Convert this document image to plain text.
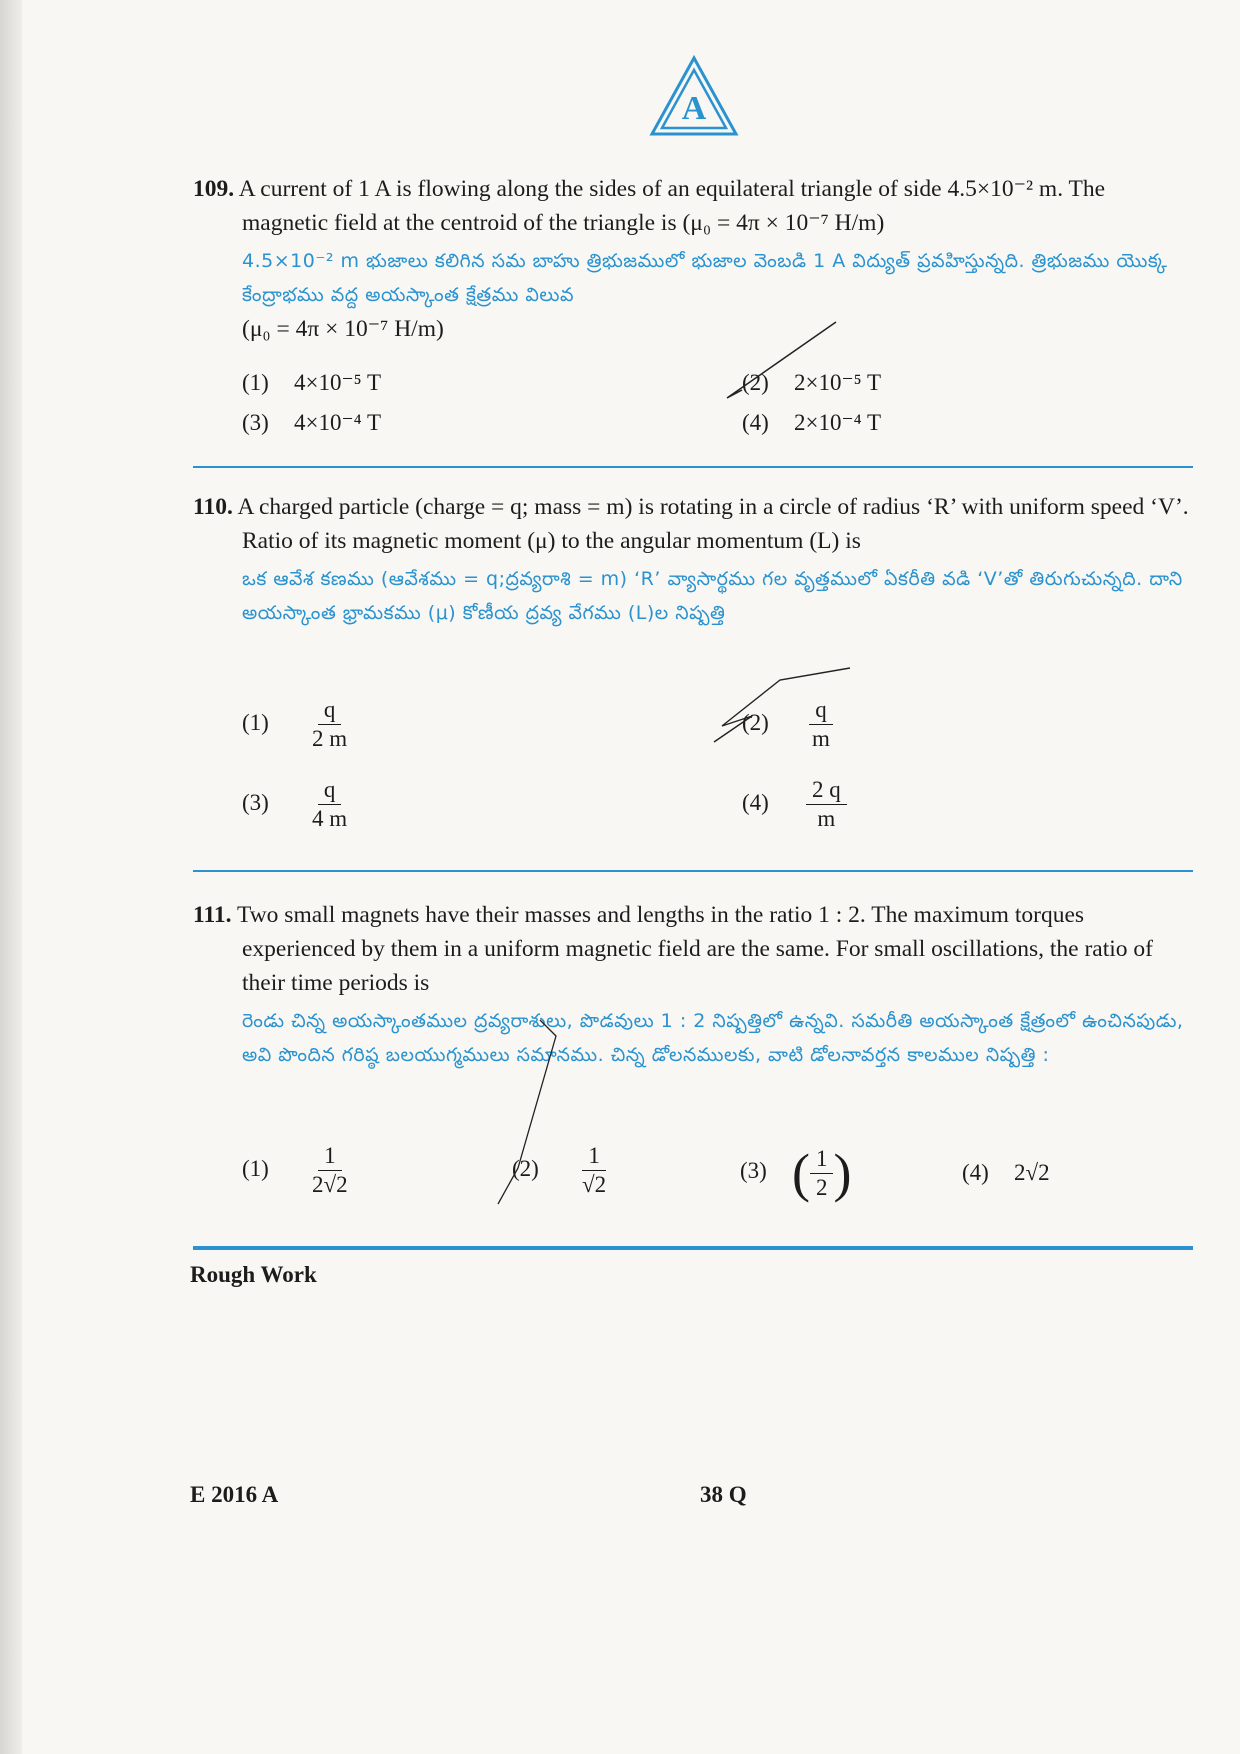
A

109. A current of 1 A is flowing along the sides of an equilateral triangle of side 4.5×10⁻² m. The magnetic field at the centroid of the triangle is (μ₀ = 4π × 10⁻⁷ H/m)

4.5×10⁻² m భుజాలు కలిగిన సమ బాహు త్రిభుజములో భుజాల వెంబడి 1 A విద్యుత్ ప్రవహిస్తున్నది. త్రిభుజము యొక్క కేంద్రాభము వద్ద అయస్కాంత క్షేత్రము విలువ

(μ₀ = 4π × 10⁻⁷ H/m)

(1) 4×10⁻⁵ T	(2) 2×10⁻⁵ T
(3) 4×10⁻⁴ T	(4) 2×10⁻⁴ T

110. A charged particle (charge = q; mass = m) is rotating in a circle of radius ‘R’ with uniform speed ‘V’. Ratio of its magnetic moment (μ) to the angular momentum (L) is

ఒక ఆవేశ కణము (ఆవేశము = q;ద్రవ్యరాశి = m) ‘R’ వ్యాసార్థము గల వృత్తములో ఏకరీతి వడి ‘V’తో తిరుగుచున్నది. దాని అయస్కాంత భ్రామకము (μ) కోణీయ ద్రవ్య వేగము (L)ల నిష్పత్తి

$(1) \frac{q}{2 m}$	$(2) \frac{q}{m}$
$(3) \frac{q}{4 m}$	$(4) \frac{2 q}{m}$

111. Two small magnets have their masses and lengths in the ratio 1 : 2. The maximum torques experienced by them in a uniform magnetic field are the same. For small oscillations, the ratio of their time periods is

రెండు చిన్న అయస్కాంతముల ద్రవ్యరాశులు, పొడవులు 1 : 2 నిష్పత్తిలో ఉన్నవి. సమరీతి అయస్కాంత క్షేత్రంలో ఉంచినపుడు, అవి పొందిన గరిష్ఠ బలయుగ్మములు సమానము. చిన్న డోలనములకు, వాటి డోలనావర్తన కాలముల నిష్పత్తి :

$(1) \frac{1}{2√2}$	$(2) \frac{1}{√2}$	(3) ( $\frac{1}{2}$ )	(4) 2√2
Rough Work
E 2016 A	38 Q
